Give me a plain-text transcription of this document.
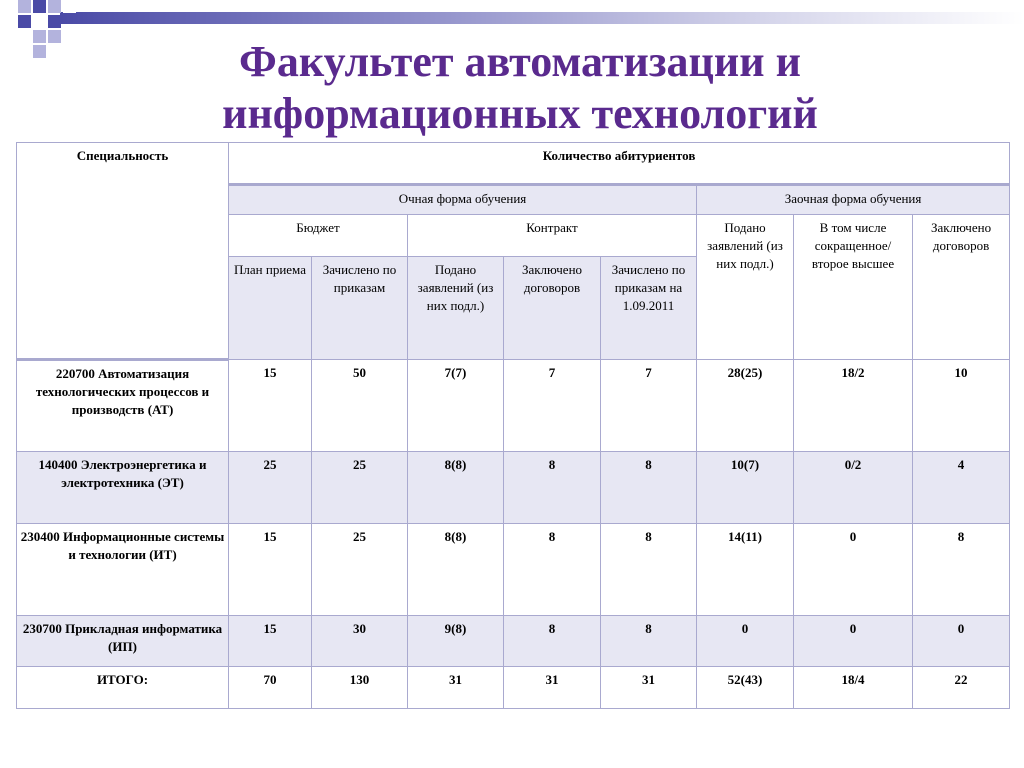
Факультет автоматизации и
информационных технологий
Специальность	Количество абитуриентов							
	Очная форма обучения					Заочная форма обучения		
	Бюджет		Контракт			Подано заявлений (из них подл.)	В том числе сокращенное/ второе высшее	Заключено договоров
	План приема	Зачислено по приказам	Подано заявлений (из них подл.)	Заключено договоров	Зачислено по приказам на 1.09.2011			
220700 Автоматизация технологических процессов и производств (АТ)	15	50	7(7)	7	7	28(25)	18/2	10
140400 Электроэнергетика и электротехника (ЭТ)	25	25	8(8)	8	8	10(7)	0/2	4
230400 Информационные системы и технологии (ИТ)	15	25	8(8)	8	8	14(11)	0	8
230700 Прикладная информатика (ИП)	15	30	9(8)	8	8	0	0	0
ИТОГО:	70	130	31	31	31	52(43)	18/4	22
